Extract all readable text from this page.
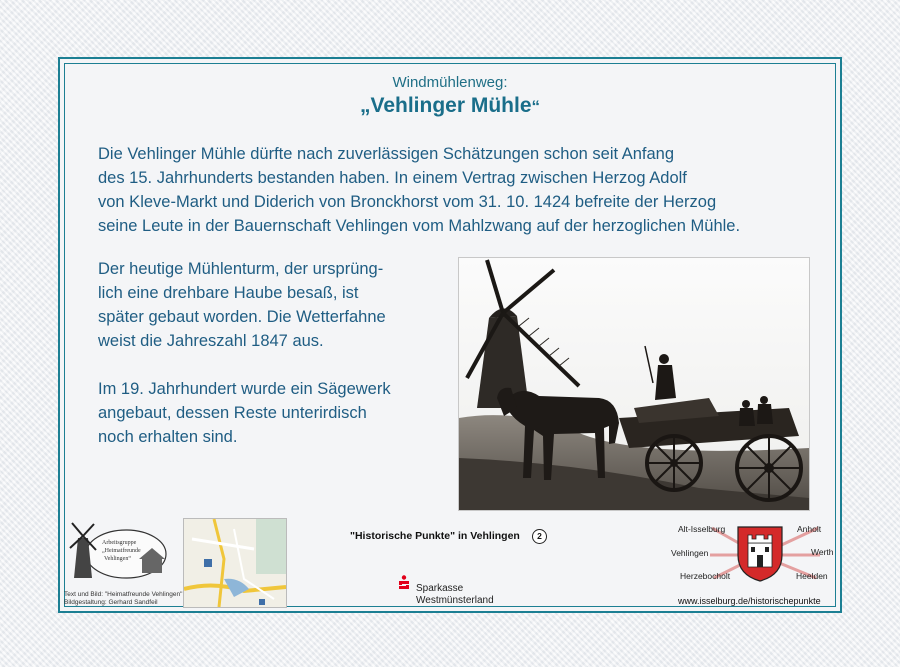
Windmühlenweg:
„Vehlinger Mühle“
Die Vehlinger Mühle dürfte nach zuverlässigen Schätzungen schon seit Anfang
des 15. Jahrhunderts bestanden haben. In einem Vertrag zwischen Herzog Adolf
von Kleve-Markt und Diderich von Bronckhorst vom 31. 10. 1424 befreite der Herzog
seine Leute in der Bauernschaft Vehlingen vom Mahlzwang auf der herzoglichen Mühle.
Der heutige Mühlenturm, der ursprüng-
lich eine drehbare Haube besaß, ist
später gebaut worden. Die Wetterfahne
weist die Jahreszahl 1847 aus.
Im 19. Jahrhundert wurde ein Sägewerk
angebaut, dessen Reste unterirdisch
noch erhalten sind.
Arbeitsgruppe
„Heimatfreunde
Vehlingen“
Text und Bild: "Heimatfreunde Vehlingen"
Bildgestaltung: Gerhard Sandfeil
"Historische Punkte" in Vehlingen	2
Sparkasse
Westmünsterland
Alt-Isselburg	Anholt
Vehlingen	Werth
Herzebocholt	Heelden
www.isselburg.de/historischepunkte
